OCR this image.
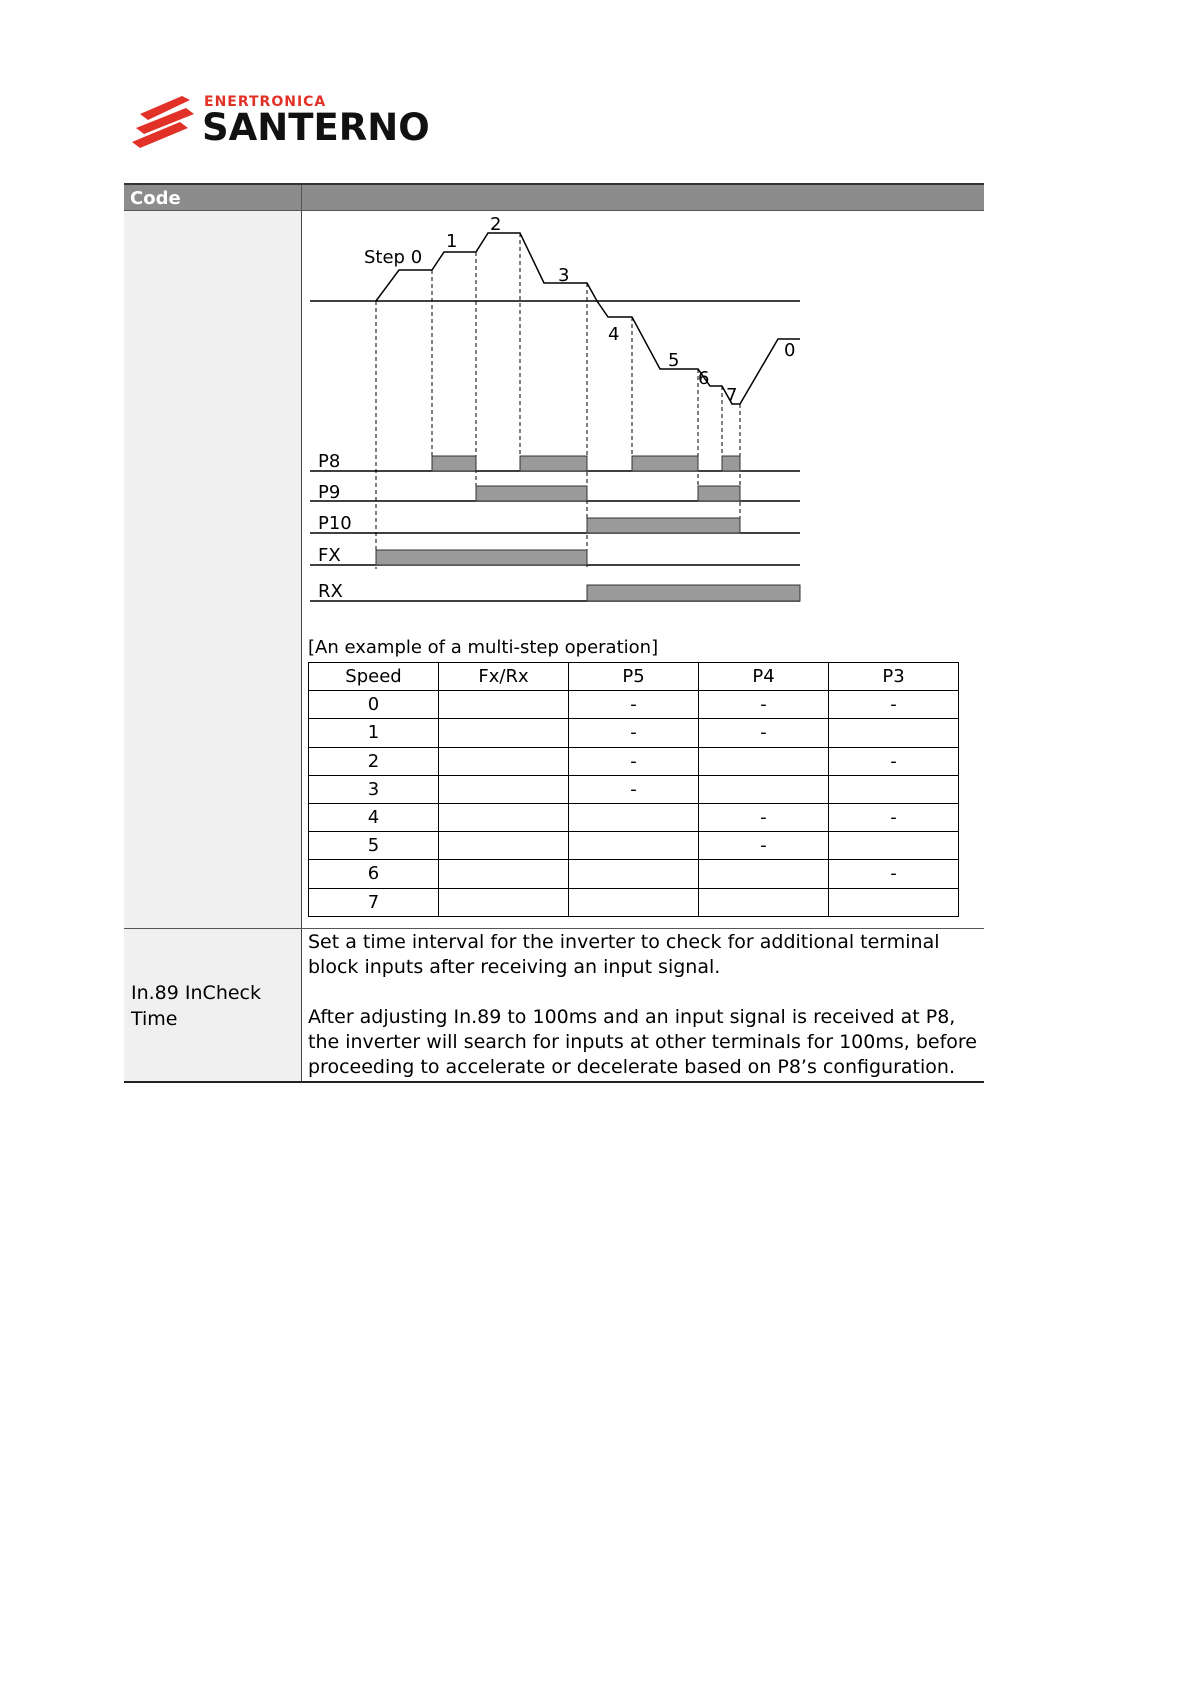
ENERTRONICA
SANTERNO
Code
Step 0
1
2
3
4
5
6
7
0
P8
P9
P10
FX
RX
[An example of a multi-step operation]
Speed	Fx/Rx	P5	P4	P3
0		-	-	-
1		-	-	
2		-		-
3		-		
4			-	-
5			-	
6				-
7				
In.89 InCheck Time

Set a time interval for the inverter to check for additional terminal block inputs after receiving an input signal.

After adjusting In.89 to 100ms and an input signal is received at P8, the inverter will search for inputs at other terminals for 100ms, before proceeding to accelerate or decelerate based on P8’s configuration.
